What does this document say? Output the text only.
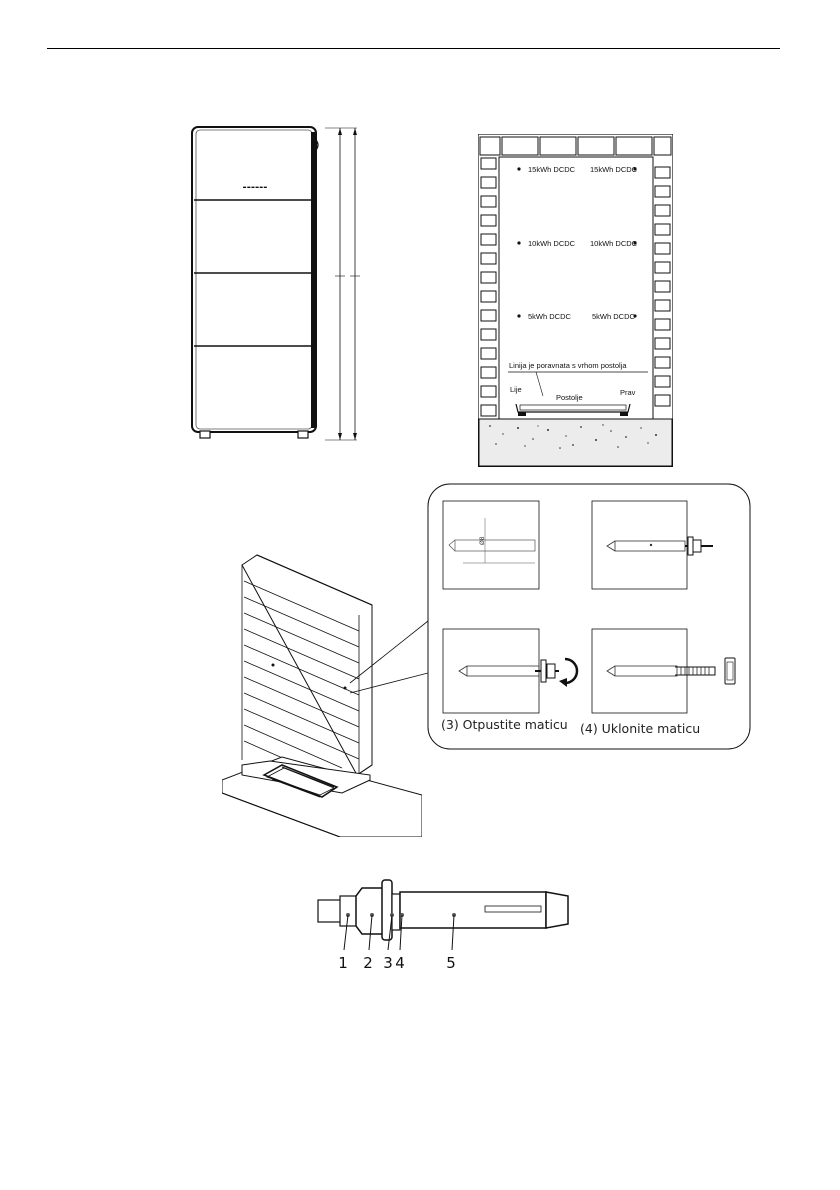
------
15kWh DCDC 15kWh DCDC
10kWh DCDC 10kWh DCDC
5kWh DCDC	5kWh DCDC
Linija je poravnata s vrhom postolja
Lije
Postolje
Prav
Ø8
(3) Otpustite maticu (4) Uklonite maticu
1 2 3 4	5
